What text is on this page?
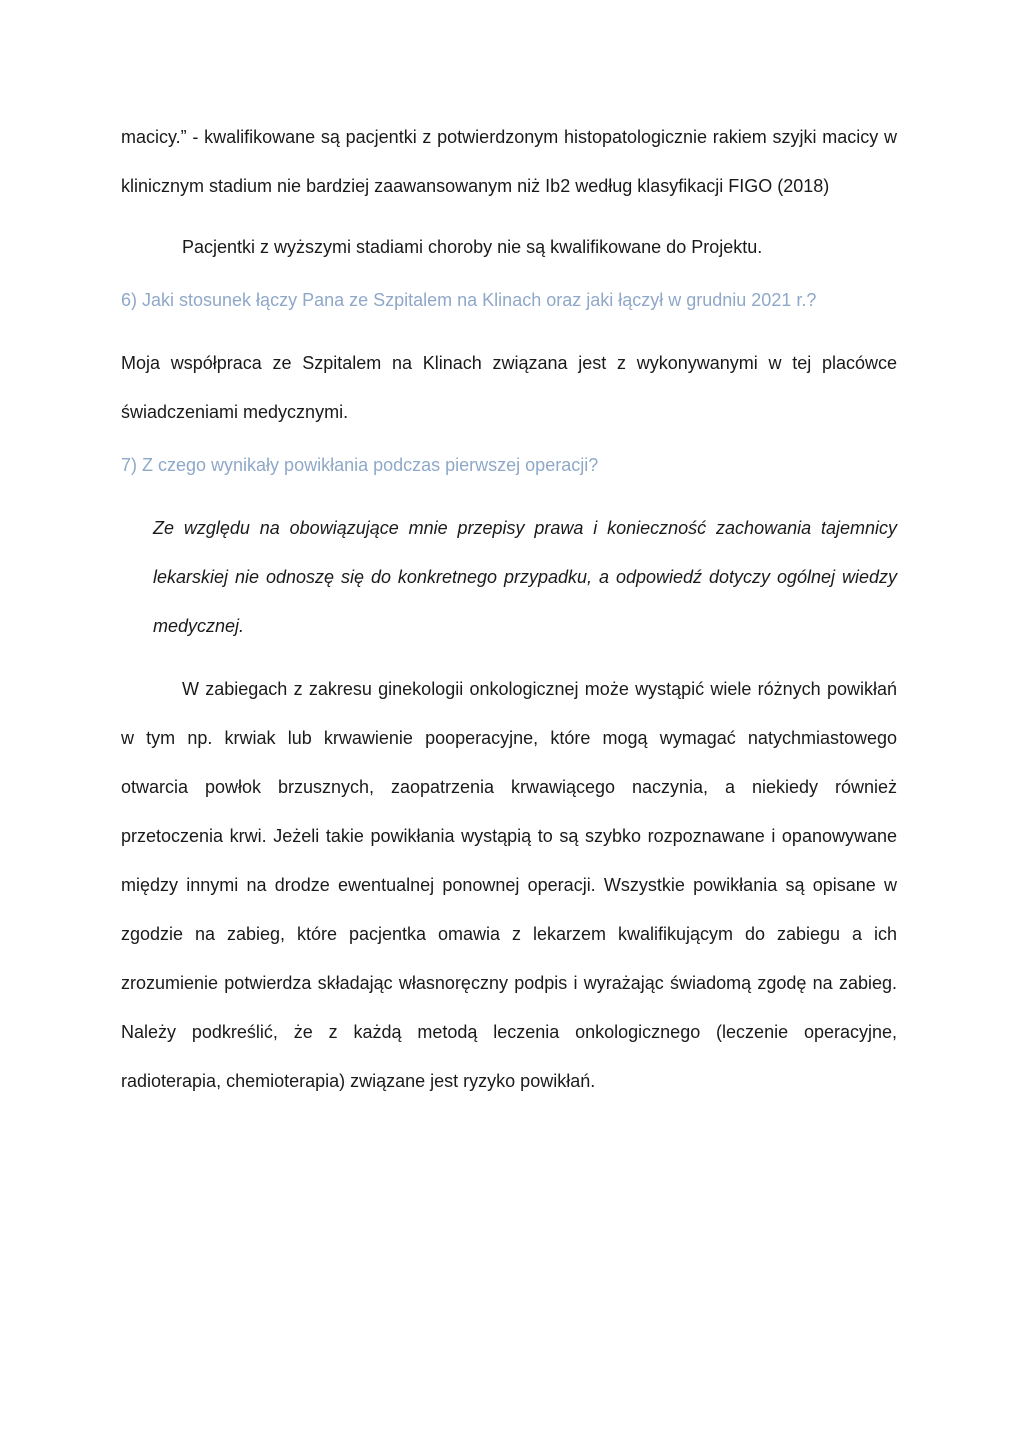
macicy.” - kwalifikowane są pacjentki z potwierdzonym histopatologicznie rakiem szyjki macicy w klinicznym stadium nie bardziej zaawansowanym niż Ib2 według klasyfikacji FIGO (2018)

Pacjentki z wyższymi stadiami choroby nie są kwalifikowane do Projektu.

6) Jaki stosunek łączy Pana ze Szpitalem na Klinach oraz jaki łączył w grudniu 2021 r.?

Moja współpraca ze Szpitalem na Klinach związana jest z wykonywanymi w tej placówce świadczeniami medycznymi.

7) Z czego wynikały powikłania podczas pierwszej operacji?

Ze względu na obowiązujące mnie przepisy prawa i konieczność zachowania tajemnicy lekarskiej nie odnoszę się do konkretnego przypadku, a odpowiedź dotyczy ogólnej wiedzy medycznej.

W zabiegach z zakresu ginekologii onkologicznej może wystąpić wiele różnych powikłań w tym np. krwiak lub krwawienie pooperacyjne, które mogą wymagać natychmiastowego otwarcia powłok brzusznych, zaopatrzenia krwawiącego naczynia, a niekiedy również przetoczenia krwi. Jeżeli takie powikłania wystąpią to są szybko rozpoznawane i opanowywane między innymi na drodze ewentualnej ponownej operacji. Wszystkie powikłania są opisane w zgodzie na zabieg, które pacjentka omawia z lekarzem kwalifikującym do zabiegu a ich zrozumienie potwierdza składając własnoręczny podpis i wyrażając świadomą zgodę na zabieg. Należy podkreślić, że z każdą metodą leczenia onkologicznego (leczenie operacyjne, radioterapia, chemioterapia) związane jest ryzyko powikłań.
